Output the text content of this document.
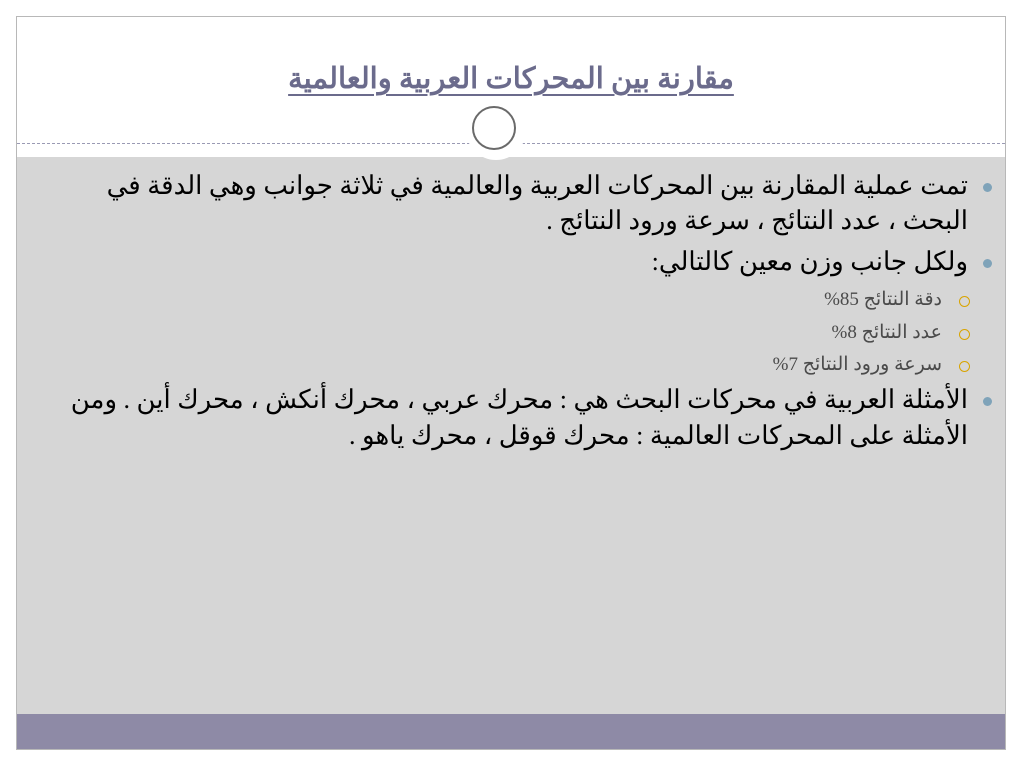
مقارنة بين المحركات العربية والعالمية
تمت عملية المقارنة بين المحركات العربية والعالمية في ثلاثة جوانب وهي الدقة في البحث ، عدد النتائج ، سرعة ورود النتائج .
ولكل جانب وزن معين كالتالي:
دقة النتائج 85%
عدد النتائج 8%
سرعة ورود النتائج 7%
الأمثلة العربية في محركات البحث هي : محرك عربي ، محرك أنكش ، محرك أين . ومن الأمثلة على المحركات العالمية : محرك قوقل ، محرك ياهو .
